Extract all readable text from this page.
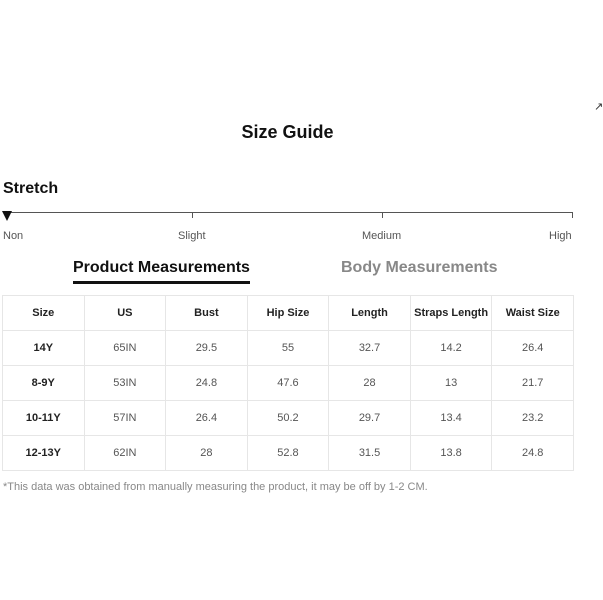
Size Guide
↗
Stretch
Non	Slight	Medium	High
Product Measurements	Body Measurements
Size	US	Bust	Hip Size	Length	Straps Length	Waist Size
14Y	65IN	29.5	55	32.7	14.2	26.4
8-9Y	53IN	24.8	47.6	28	13	21.7
10-11Y	57IN	26.4	50.2	29.7	13.4	23.2
12-13Y	62IN	28	52.8	31.5	13.8	24.8
*This data was obtained from manually measuring the product, it may be off by 1-2 CM.
